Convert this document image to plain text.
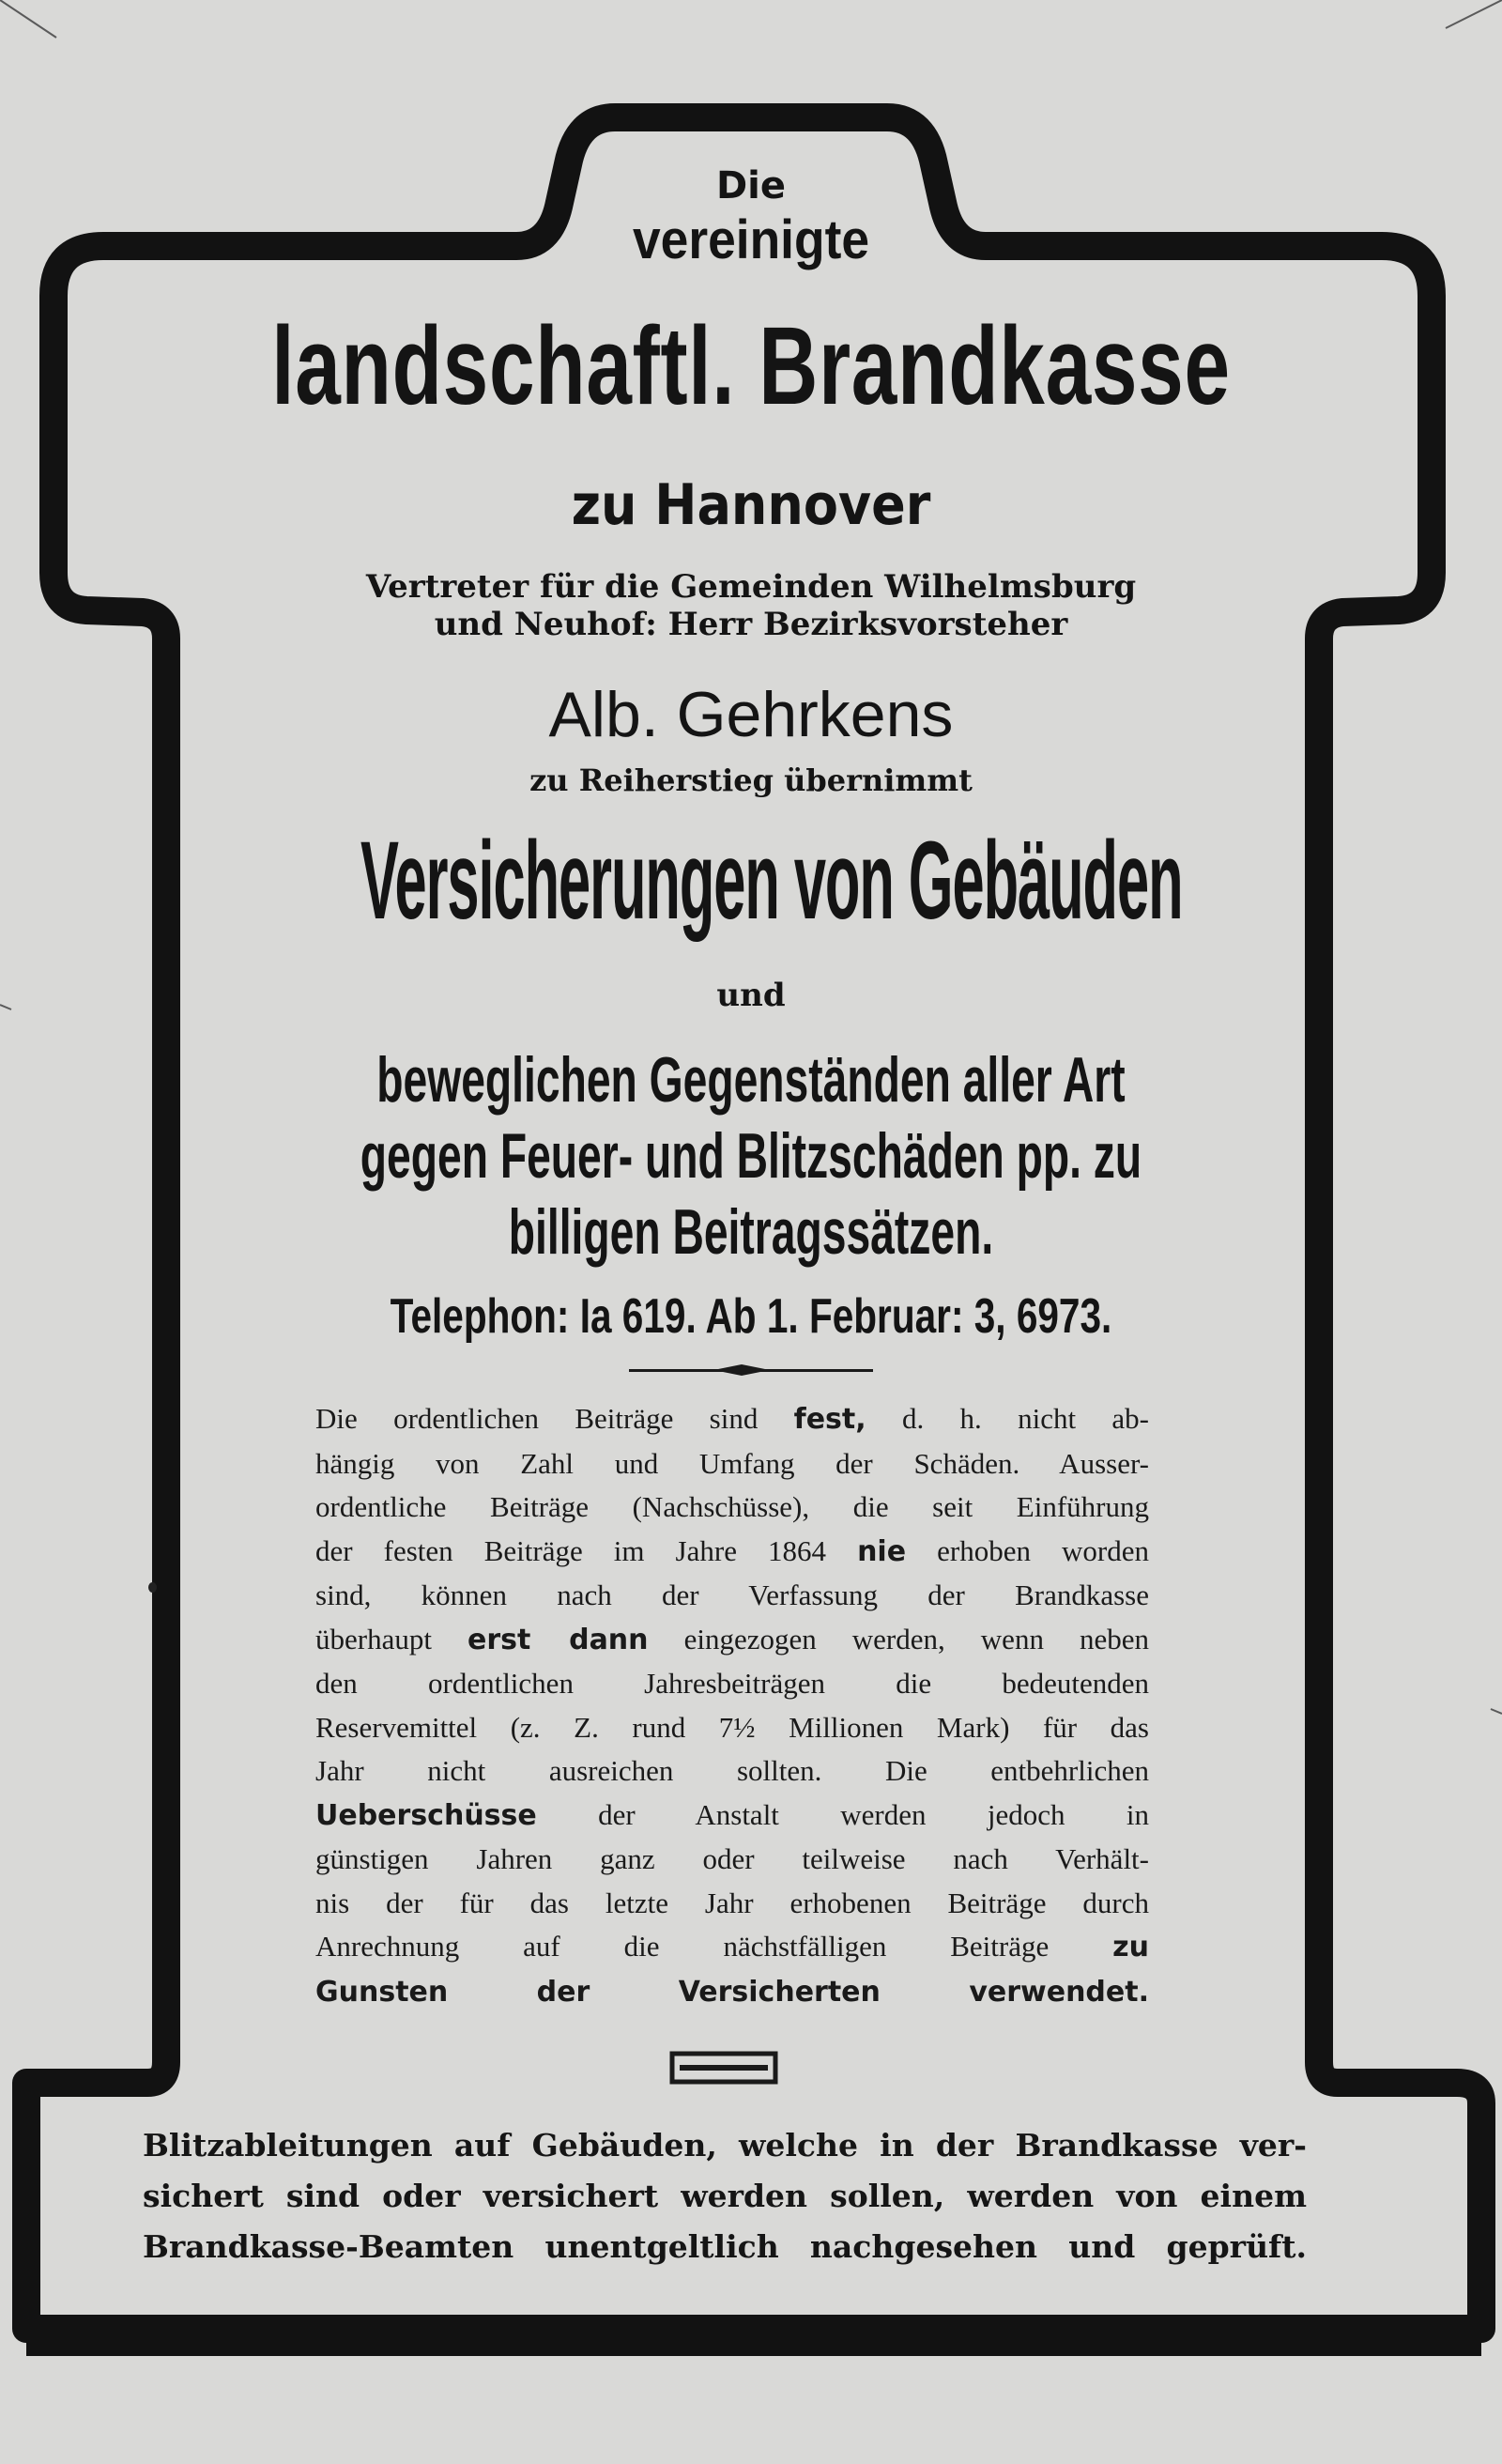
Die
vereinigte
landschaftl. Brandkasse
zu Hannover
Vertreter für die Gemeinden Wilhelmsburg
und Neuhof: Herr Bezirksvorsteher
Alb. Gehrkens
zu Reiherstieg übernimmt
Versicherungen von Gebäuden
und
beweglichen Gegenständen aller Art
gegen Feuer- und Blitzschäden pp. zu
billigen Beitragssätzen.
Telephon: Ia 619. Ab 1. Februar: 3, 6973.
Die ordentlichen Beiträge sind fest, d. h. nicht ab-
hängig von Zahl und Umfang der Schäden. Ausser-
ordentliche Beiträge (Nachschüsse), die seit Einführung
der festen Beiträge im Jahre 1864 nie erhoben worden
sind, können nach der Verfassung der Brandkasse
überhaupt erst dann eingezogen werden, wenn neben
den ordentlichen Jahresbeiträgen die bedeutenden
Reservemittel (z. Z. rund 7½ Millionen Mark) für das
Jahr nicht ausreichen sollten. Die entbehrlichen
Ueberschüsse der Anstalt werden jedoch in
günstigen Jahren ganz oder teilweise nach Verhält-
nis der für das letzte Jahr erhobenen Beiträge durch
Anrechnung auf die nächstfälligen Beiträge zu
Gunsten der Versicherten verwendet.
Blitzableitungen auf Gebäuden, welche in der Brandkasse ver-
sichert sind oder versichert werden sollen, werden von einem
Brandkasse-Beamten unentgeltlich nachgesehen und geprüft.
